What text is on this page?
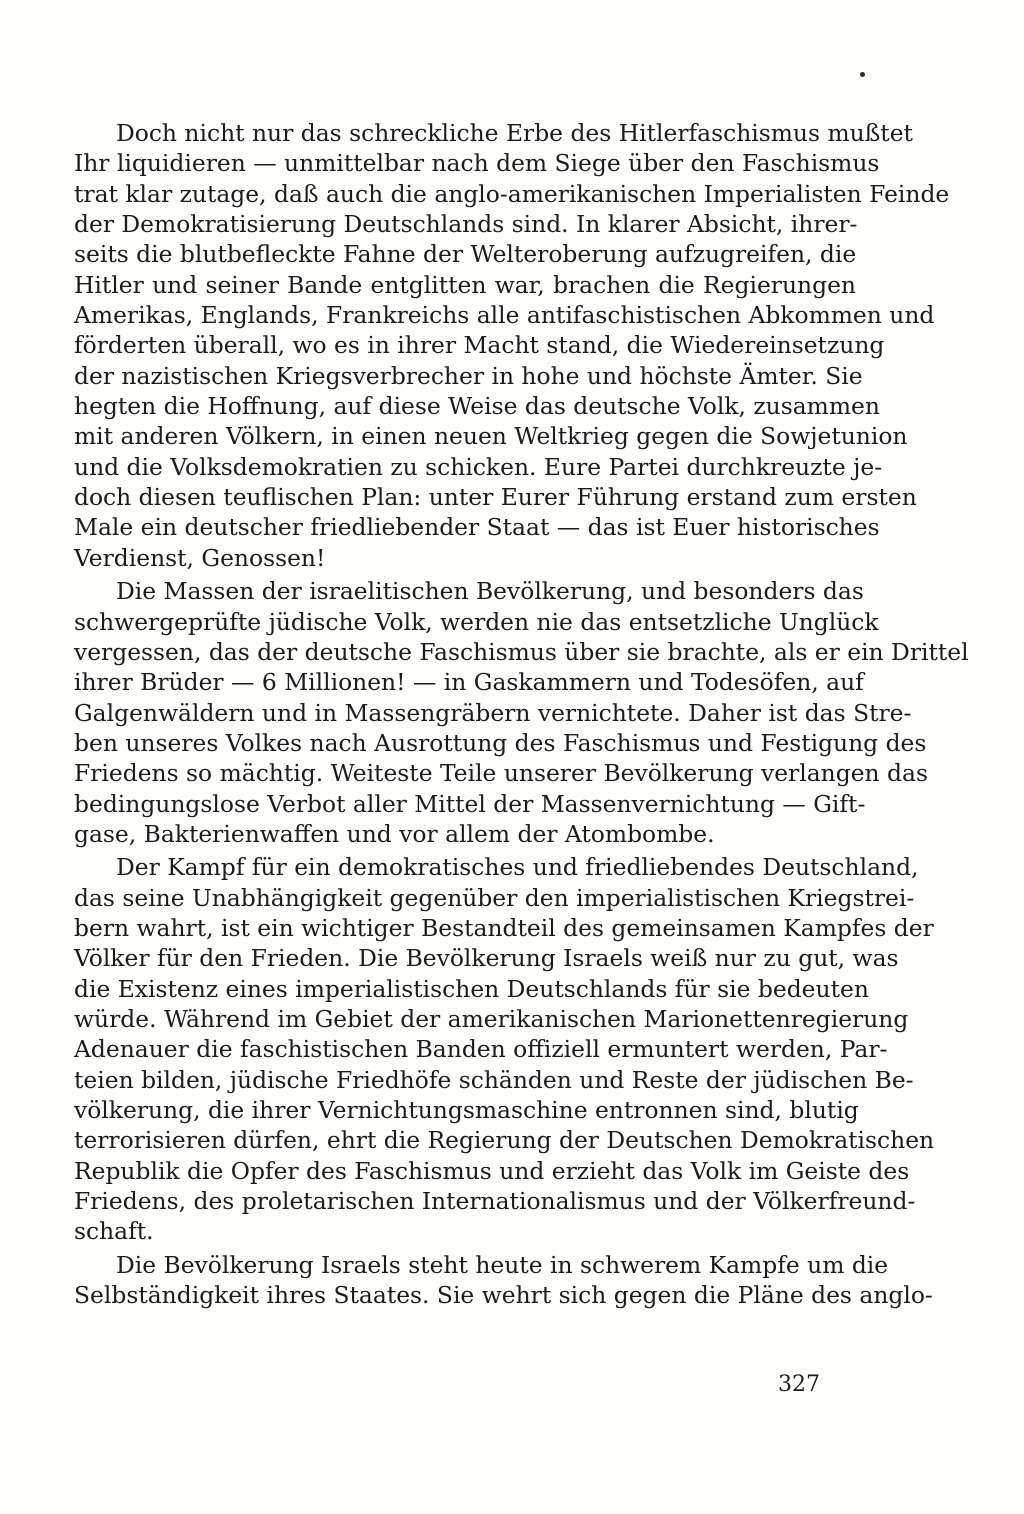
Doch nicht nur das schreckliche Erbe des Hitlerfaschismus mußtet
Ihr liquidieren — unmittelbar nach dem Siege über den Faschismus
trat klar zutage, daß auch die anglo-amerikanischen Imperialisten Feinde
der Demokratisierung Deutschlands sind. In klarer Absicht, ihrer-
seits die blutbefleckte Fahne der Welteroberung aufzugreifen, die
Hitler und seiner Bande entglitten war, brachen die Regierungen
Amerikas, Englands, Frankreichs alle antifaschistischen Abkommen und
förderten überall, wo es in ihrer Macht stand, die Wiedereinsetzung
der nazistischen Kriegsverbrecher in hohe und höchste Ämter. Sie
hegten die Hoffnung, auf diese Weise das deutsche Volk, zusammen
mit anderen Völkern, in einen neuen Weltkrieg gegen die Sowjetunion
und die Volksdemokratien zu schicken. Eure Partei durchkreuzte je-
doch diesen teuflischen Plan: unter Eurer Führung erstand zum ersten
Male ein deutscher friedliebender Staat — das ist Euer historisches
Verdienst, Genossen!
Die Massen der israelitischen Bevölkerung, und besonders das
schwergeprüfte jüdische Volk, werden nie das entsetzliche Unglück
vergessen, das der deutsche Faschismus über sie brachte, als er ein Drittel
ihrer Brüder — 6 Millionen! — in Gaskammern und Todesöfen, auf
Galgenwäldern und in Massengräbern vernichtete. Daher ist das Stre-
ben unseres Volkes nach Ausrottung des Faschismus und Festigung des
Friedens so mächtig. Weiteste Teile unserer Bevölkerung verlangen das
bedingungslose Verbot aller Mittel der Massenvernichtung — Gift-
gase, Bakterienwaffen und vor allem der Atombombe.
Der Kampf für ein demokratisches und friedliebendes Deutschland,
das seine Unabhängigkeit gegenüber den imperialistischen Kriegstrei-
bern wahrt, ist ein wichtiger Bestandteil des gemeinsamen Kampfes der
Völker für den Frieden. Die Bevölkerung Israels weiß nur zu gut, was
die Existenz eines imperialistischen Deutschlands für sie bedeuten
würde. Während im Gebiet der amerikanischen Marionettenregierung
Adenauer die faschistischen Banden offiziell ermuntert werden, Par-
teien bilden, jüdische Friedhöfe schänden und Reste der jüdischen Be-
völkerung, die ihrer Vernichtungsmaschine entronnen sind, blutig
terrorisieren dürfen, ehrt die Regierung der Deutschen Demokratischen
Republik die Opfer des Faschismus und erzieht das Volk im Geiste des
Friedens, des proletarischen Internationalismus und der Völkerfreund-
schaft.
Die Bevölkerung Israels steht heute in schwerem Kampfe um die
Selbständigkeit ihres Staates. Sie wehrt sich gegen die Pläne des anglo-
327
